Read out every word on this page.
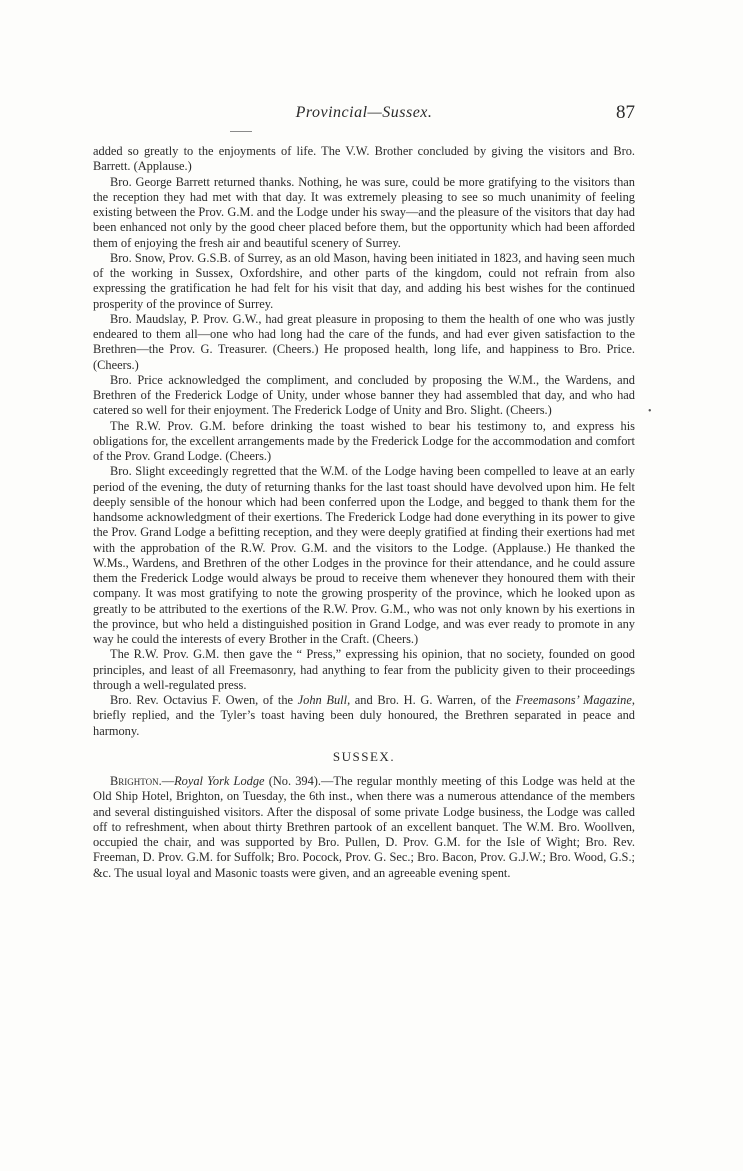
Provincial—Sussex.	87

added so greatly to the enjoyments of life. The V.W. Brother concluded by giving the visitors and Bro. Barrett. (Applause.)

Bro. George Barrett returned thanks. Nothing, he was sure, could be more gratifying to the visitors than the reception they had met with that day. It was extremely pleasing to see so much unanimity of feeling existing between the Prov. G.M. and the Lodge under his sway—and the pleasure of the visitors that day had been enhanced not only by the good cheer placed before them, but the opportunity which had been afforded them of enjoying the fresh air and beautiful scenery of Surrey.

Bro. Snow, Prov. G.S.B. of Surrey, as an old Mason, having been initiated in 1823, and having seen much of the working in Sussex, Oxfordshire, and other parts of the kingdom, could not refrain from also expressing the gratification he had felt for his visit that day, and adding his best wishes for the continued prosperity of the province of Surrey.

Bro. Maudslay, P. Prov. G.W., had great pleasure in proposing to them the health of one who was justly endeared to them all—one who had long had the care of the funds, and had ever given satisfaction to the Brethren—the Prov. G. Treasurer. (Cheers.) He proposed health, long life, and happiness to Bro. Price. (Cheers.)

Bro. Price acknowledged the compliment, and concluded by proposing the W.M., the Wardens, and Brethren of the Frederick Lodge of Unity, under whose banner they had assembled that day, and who had catered so well for their enjoyment. The Frederick Lodge of Unity and Bro. Slight. (Cheers.)

The R.W. Prov. G.M. before drinking the toast wished to bear his testimony to, and express his obligations for, the excellent arrangements made by the Frederick Lodge for the accommodation and comfort of the Prov. Grand Lodge. (Cheers.)

Bro. Slight exceedingly regretted that the W.M. of the Lodge having been compelled to leave at an early period of the evening, the duty of returning thanks for the last toast should have devolved upon him. He felt deeply sensible of the honour which had been conferred upon the Lodge, and begged to thank them for the handsome acknowledgment of their exertions. The Frederick Lodge had done everything in its power to give the Prov. Grand Lodge a befitting reception, and they were deeply gratified at finding their exertions had met with the approbation of the R.W. Prov. G.M. and the visitors to the Lodge. (Applause.) He thanked the W.Ms., Wardens, and Brethren of the other Lodges in the province for their attendance, and he could assure them the Frederick Lodge would always be proud to receive them whenever they honoured them with their company. It was most gratifying to note the growing prosperity of the province, which he looked upon as greatly to be attributed to the exertions of the R.W. Prov. G.M., who was not only known by his exertions in the province, but who held a distinguished position in Grand Lodge, and was ever ready to promote in any way he could the interests of every Brother in the Craft. (Cheers.)

The R.W. Prov. G.M. then gave the “ Press,” expressing his opinion, that no society, founded on good principles, and least of all Freemasonry, had anything to fear from the publicity given to their proceedings through a well-regulated press.

Bro. Rev. Octavius F. Owen, of the John Bull, and Bro. H. G. Warren, of the Freemasons’ Magazine, briefly replied, and the Tyler’s toast having been duly honoured, the Brethren separated in peace and harmony.

SUSSEX.

Brighton.—Royal York Lodge (No. 394).—The regular monthly meeting of this Lodge was held at the Old Ship Hotel, Brighton, on Tuesday, the 6th inst., when there was a numerous attendance of the members and several distinguished visitors. After the disposal of some private Lodge business, the Lodge was called off to refreshment, when about thirty Brethren partook of an excellent banquet. The W.M. Bro. Woollven, occupied the chair, and was supported by Bro. Pullen, D. Prov. G.M. for the Isle of Wight; Bro. Rev. Freeman, D. Prov. G.M. for Suffolk; Bro. Pocock, Prov. G. Sec.; Bro. Bacon, Prov. G.J.W.; Bro. Wood, G.S.; &c. The usual loyal and Masonic toasts were given, and an agreeable evening spent.

•
